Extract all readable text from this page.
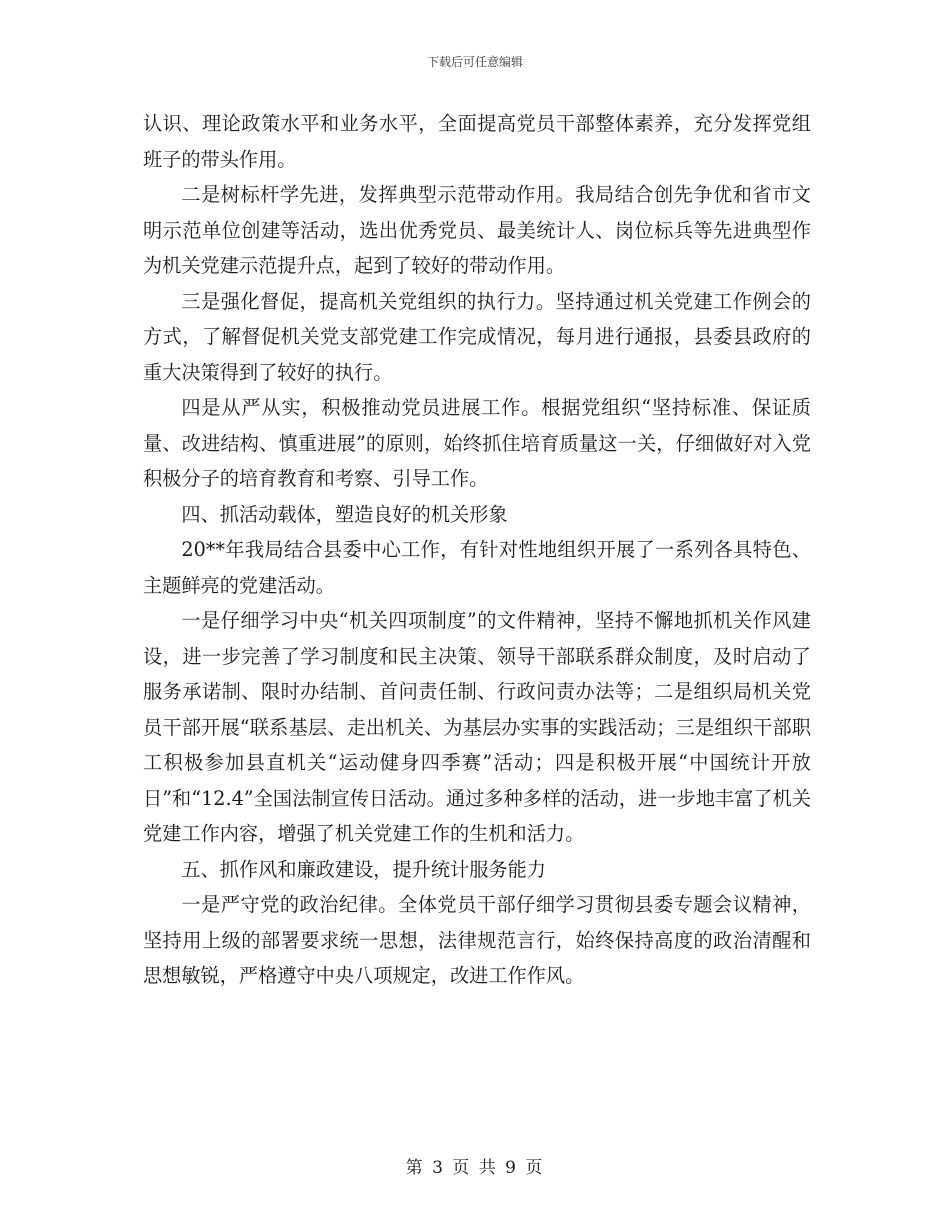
下载后可任意编辑

认识、理论政策水平和业务水平，全面提高党员干部整体素养，充分发挥党组班子的带头作用。

二是树标杆学先进，发挥典型示范带动作用。我局结合创先争优和省市文明示范单位创建等活动，选出优秀党员、最美统计人、岗位标兵等先进典型作为机关党建示范提升点，起到了较好的带动作用。

三是强化督促，提高机关党组织的执行力。坚持通过机关党建工作例会的方式，了解督促机关党支部党建工作完成情况，每月进行通报，县委县政府的重大决策得到了较好的执行。

四是从严从实，积极推动党员进展工作。根据党组织“坚持标准、保证质量、改进结构、慎重进展”的原则，始终抓住培育质量这一关，仔细做好对入党积极分子的培育教育和考察、引导工作。

四、抓活动载体，塑造良好的机关形象

20**年我局结合县委中心工作，有针对性地组织开展了一系列各具特色、主题鲜亮的党建活动。

一是仔细学习中央“机关四项制度”的文件精神，坚持不懈地抓机关作风建设，进一步完善了学习制度和民主决策、领导干部联系群众制度，及时启动了服务承诺制、限时办结制、首问责任制、行政问责办法等；二是组织局机关党员干部开展“联系基层、走出机关、为基层办实事的实践活动；三是组织干部职工积极参加县直机关“运动健身四季赛”活动；四是积极开展“中国统计开放日”和“12.4”全国法制宣传日活动。通过多种多样的活动，进一步地丰富了机关党建工作内容，增强了机关党建工作的生机和活力。

五、抓作风和廉政建设，提升统计服务能力

一是严守党的政治纪律。全体党员干部仔细学习贯彻县委专题会议精神，坚持用上级的部署要求统一思想，法律规范言行，始终保持高度的政治清醒和思想敏锐，严格遵守中央八项规定，改进工作作风。

第 3 页 共 9 页
